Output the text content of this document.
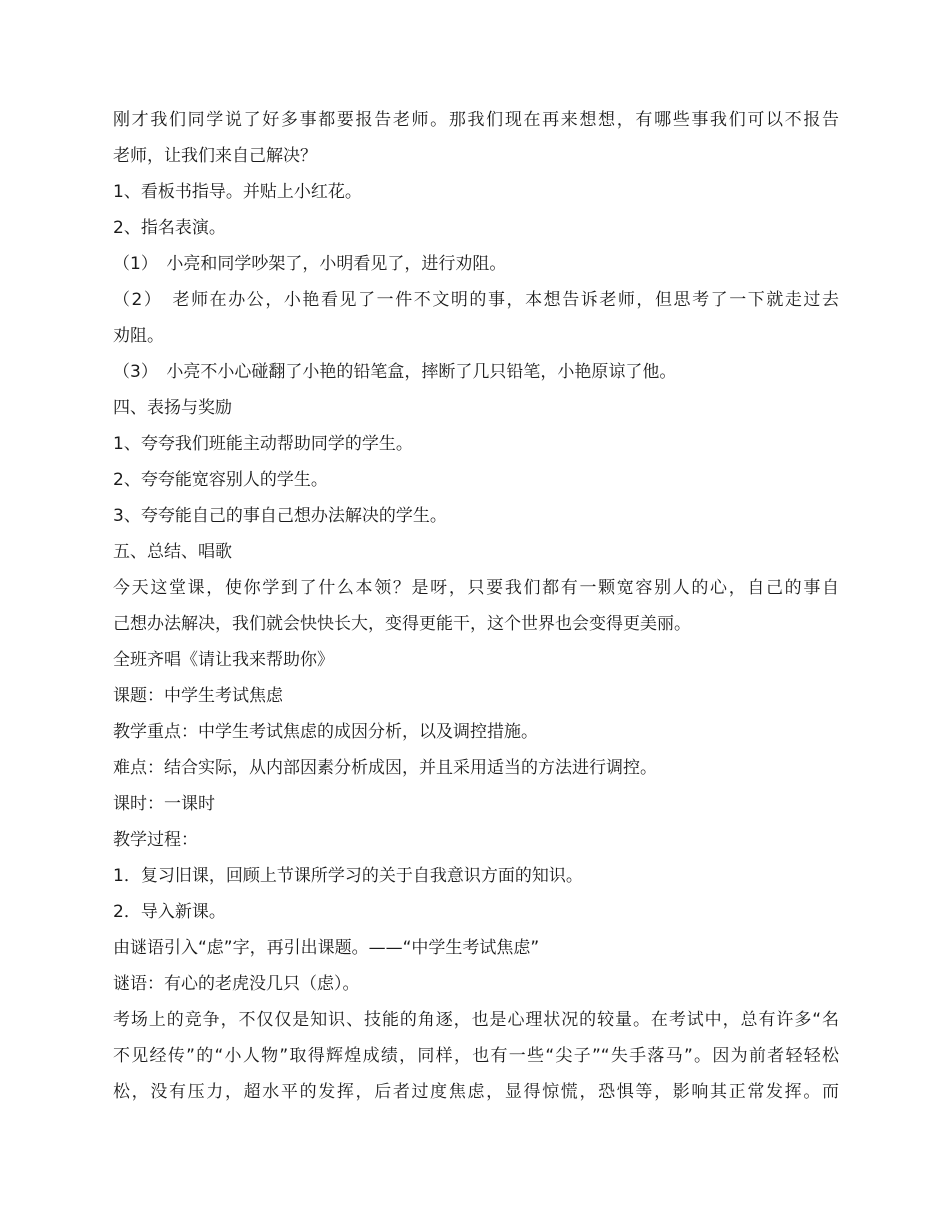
刚才我们同学说了好多事都要报告老师。那我们现在再来想想，有哪些事我们可以不报告

老师，让我们来自己解决？

1、看板书指导。并贴上小红花。

2、指名表演。

（1）　小亮和同学吵架了，小明看见了，进行劝阻。

（2）　老师在办公，小艳看见了一件不文明的事，本想告诉老师，但思考了一下就走过去

劝阻。

（3）　小亮不小心碰翻了小艳的铅笔盒，摔断了几只铅笔，小艳原谅了他。

四、表扬与奖励

1、夸夸我们班能主动帮助同学的学生。

2、夸夸能宽容别人的学生。

3、夸夸能自己的事自己想办法解决的学生。

五、总结、唱歌

今天这堂课，使你学到了什么本领？是呀，只要我们都有一颗宽容别人的心，自己的事自

己想办法解决，我们就会快快长大，变得更能干，这个世界也会变得更美丽。

全班齐唱《请让我来帮助你》

课题：中学生考试焦虑

教学重点：中学生考试焦虑的成因分析，以及调控措施。

难点：结合实际，从内部因素分析成因，并且采用适当的方法进行调控。

课时：一课时

教学过程：

1．复习旧课，回顾上节课所学习的关于自我意识方面的知识。

2．导入新课。

由谜语引入“虑”字，再引出课题。——“中学生考试焦虑”

谜语：有心的老虎没几只（虑）。

考场上的竞争，不仅仅是知识、技能的角逐，也是心理状况的较量。在考试中，总有许多“名

不见经传”的“小人物”取得辉煌成绩，同样，也有一些“尖子”“失手落马”。因为前者轻轻松

松，没有压力，超水平的发挥，后者过度焦虑，显得惊慌，恐惧等，影响其正常发挥。而
